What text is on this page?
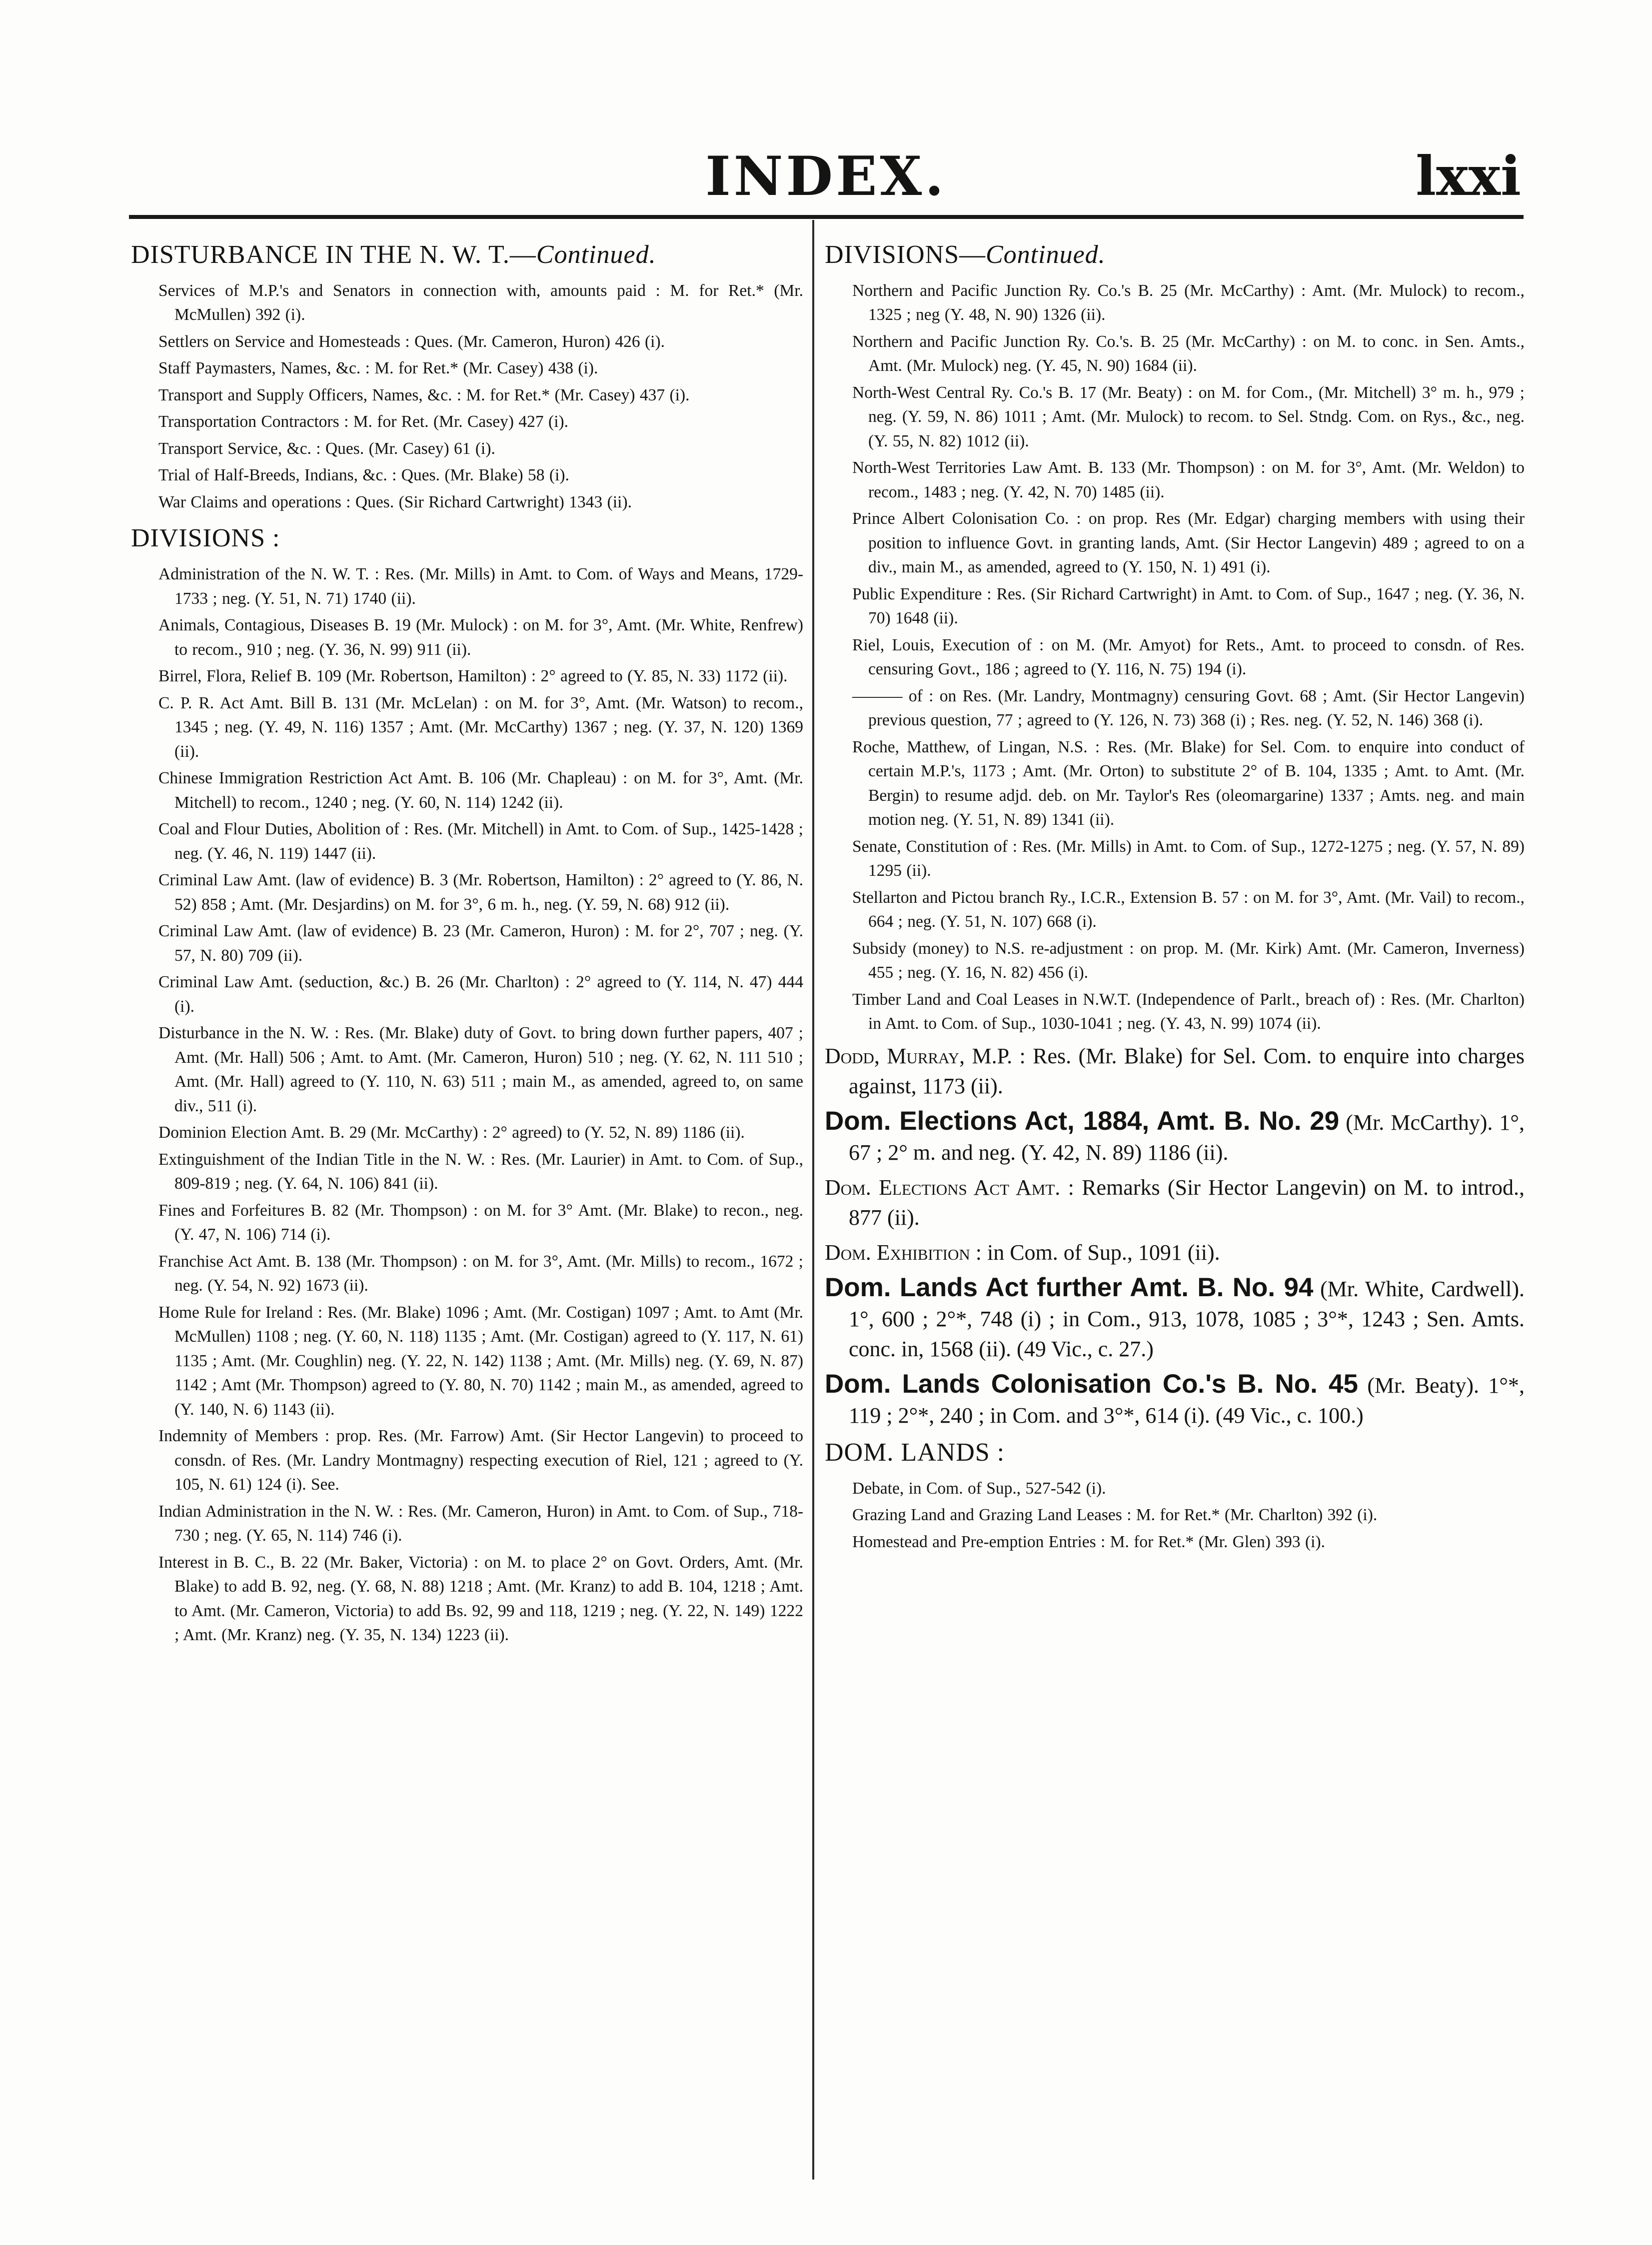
INDEX.	lxxi
DISTURBANCE IN THE N. W. T.—Continued.
Services of M.P.'s and Senators in connection with, amounts paid : M. for Ret.* (Mr. McMullen) 392 (i).
Settlers on Service and Homesteads : Ques. (Mr. Cameron, Huron) 426 (i).
Staff Paymasters, Names, &c. : M. for Ret.* (Mr. Casey) 438 (i).
Transport and Supply Officers, Names, &c. : M. for Ret.* (Mr. Casey) 437 (i).
Transportation Contractors : M. for Ret. (Mr. Casey) 427 (i).
Transport Service, &c. : Ques. (Mr. Casey) 61 (i).
Trial of Half-Breeds, Indians, &c. : Ques. (Mr. Blake) 58 (i).
War Claims and operations : Ques. (Sir Richard Cartwright) 1343 (ii).
DIVISIONS :
Administration of the N. W. T. : Res. (Mr. Mills) in Amt. to Com. of Ways and Means, 1729-1733 ; neg. (Y. 51, N. 71) 1740 (ii).
Animals, Contagious, Diseases B. 19 (Mr. Mulock) : on M. for 3°, Amt. (Mr. White, Renfrew) to recom., 910 ; neg. (Y. 36, N. 99) 911 (ii).
Birrel, Flora, Relief B. 109 (Mr. Robertson, Hamilton) : 2° agreed to (Y. 85, N. 33) 1172 (ii).
C. P. R. Act Amt. Bill B. 131 (Mr. McLelan) : on M. for 3°, Amt. (Mr. Watson) to recom., 1345 ; neg. (Y. 49, N. 116) 1357 ; Amt. (Mr. McCarthy) 1367 ; neg. (Y. 37, N. 120) 1369 (ii).
Chinese Immigration Restriction Act Amt. B. 106 (Mr. Chapleau) : on M. for 3°, Amt. (Mr. Mitchell) to recom., 1240 ; neg. (Y. 60, N. 114) 1242 (ii).
Coal and Flour Duties, Abolition of : Res. (Mr. Mitchell) in Amt. to Com. of Sup., 1425-1428 ; neg. (Y. 46, N. 119) 1447 (ii).
Criminal Law Amt. (law of evidence) B. 3 (Mr. Robertson, Hamilton) : 2° agreed to (Y. 86, N. 52) 858 ; Amt. (Mr. Desjardins) on M. for 3°, 6 m. h., neg. (Y. 59, N. 68) 912 (ii).
Criminal Law Amt. (law of evidence) B. 23 (Mr. Cameron, Huron) : M. for 2°, 707 ; neg. (Y. 57, N. 80) 709 (ii).
Criminal Law Amt. (seduction, &c.) B. 26 (Mr. Charlton) : 2° agreed to (Y. 114, N. 47) 444 (i).
Disturbance in the N. W. : Res. (Mr. Blake) duty of Govt. to bring down further papers, 407 ; Amt. (Mr. Hall) 506 ; Amt. to Amt. (Mr. Cameron, Huron) 510 ; neg. (Y. 62, N. 111 510 ; Amt. (Mr. Hall) agreed to (Y. 110, N. 63) 511 ; main M., as amended, agreed to, on same div., 511 (i).
Dominion Election Amt. B. 29 (Mr. McCarthy) : 2° agreed) to (Y. 52, N. 89) 1186 (ii).
Extinguishment of the Indian Title in the N. W. : Res. (Mr. Laurier) in Amt. to Com. of Sup., 809-819 ; neg. (Y. 64, N. 106) 841 (ii).
Fines and Forfeitures B. 82 (Mr. Thompson) : on M. for 3° Amt. (Mr. Blake) to recon., neg. (Y. 47, N. 106) 714 (i).
Franchise Act Amt. B. 138 (Mr. Thompson) : on M. for 3°, Amt. (Mr. Mills) to recom., 1672 ; neg. (Y. 54, N. 92) 1673 (ii).
Home Rule for Ireland : Res. (Mr. Blake) 1096 ; Amt. (Mr. Costigan) 1097 ; Amt. to Amt (Mr. McMullen) 1108 ; neg. (Y. 60, N. 118) 1135 ; Amt. (Mr. Costigan) agreed to (Y. 117, N. 61) 1135 ; Amt. (Mr. Coughlin) neg. (Y. 22, N. 142) 1138 ; Amt. (Mr. Mills) neg. (Y. 69, N. 87) 1142 ; Amt (Mr. Thompson) agreed to (Y. 80, N. 70) 1142 ; main M., as amended, agreed to (Y. 140, N. 6) 1143 (ii).
Indemnity of Members : prop. Res. (Mr. Farrow) Amt. (Sir Hector Langevin) to proceed to consdn. of Res. (Mr. Landry Montmagny) respecting execution of Riel, 121 ; agreed to (Y. 105, N. 61) 124 (i). See.
Indian Administration in the N. W. : Res. (Mr. Cameron, Huron) in Amt. to Com. of Sup., 718-730 ; neg. (Y. 65, N. 114) 746 (i).
Interest in B. C., B. 22 (Mr. Baker, Victoria) : on M. to place 2° on Govt. Orders, Amt. (Mr. Blake) to add B. 92, neg. (Y. 68, N. 88) 1218 ; Amt. (Mr. Kranz) to add B. 104, 1218 ; Amt. to Amt. (Mr. Cameron, Victoria) to add Bs. 92, 99 and 118, 1219 ; neg. (Y. 22, N. 149) 1222 ; Amt. (Mr. Kranz) neg. (Y. 35, N. 134) 1223 (ii).
DIVISIONS—Continued.
Northern and Pacific Junction Ry. Co.'s B. 25 (Mr. McCarthy) : Amt. (Mr. Mulock) to recom., 1325 ; neg (Y. 48, N. 90) 1326 (ii).
Northern and Pacific Junction Ry. Co.'s. B. 25 (Mr. McCarthy) : on M. to conc. in Sen. Amts., Amt. (Mr. Mulock) neg. (Y. 45, N. 90) 1684 (ii).
North-West Central Ry. Co.'s B. 17 (Mr. Beaty) : on M. for Com., (Mr. Mitchell) 3° m. h., 979 ; neg. (Y. 59, N. 86) 1011 ; Amt. (Mr. Mulock) to recom. to Sel. Stndg. Com. on Rys., &c., neg. (Y. 55, N. 82) 1012 (ii).
North-West Territories Law Amt. B. 133 (Mr. Thompson) : on M. for 3°, Amt. (Mr. Weldon) to recom., 1483 ; neg. (Y. 42, N. 70) 1485 (ii).
Prince Albert Colonisation Co. : on prop. Res (Mr. Edgar) charging members with using their position to influence Govt. in granting lands, Amt. (Sir Hector Langevin) 489 ; agreed to on a div., main M., as amended, agreed to (Y. 150, N. 1) 491 (i).
Public Expenditure : Res. (Sir Richard Cartwright) in Amt. to Com. of Sup., 1647 ; neg. (Y. 36, N. 70) 1648 (ii).
Riel, Louis, Execution of : on M. (Mr. Amyot) for Rets., Amt. to proceed to consdn. of Res. censuring Govt., 186 ; agreed to (Y. 116, N. 75) 194 (i).
——— of : on Res. (Mr. Landry, Montmagny) censuring Govt. 68 ; Amt. (Sir Hector Langevin) previous question, 77 ; agreed to (Y. 126, N. 73) 368 (i) ; Res. neg. (Y. 52, N. 146) 368 (i).
Roche, Matthew, of Lingan, N.S. : Res. (Mr. Blake) for Sel. Com. to enquire into conduct of certain M.P.'s, 1173 ; Amt. (Mr. Orton) to substitute 2° of B. 104, 1335 ; Amt. to Amt. (Mr. Bergin) to resume adjd. deb. on Mr. Taylor's Res (oleomargarine) 1337 ; Amts. neg. and main motion neg. (Y. 51, N. 89) 1341 (ii).
Senate, Constitution of : Res. (Mr. Mills) in Amt. to Com. of Sup., 1272-1275 ; neg. (Y. 57, N. 89) 1295 (ii).
Stellarton and Pictou branch Ry., I.C.R., Extension B. 57 : on M. for 3°, Amt. (Mr. Vail) to recom., 664 ; neg. (Y. 51, N. 107) 668 (i).
Subsidy (money) to N.S. re-adjustment : on prop. M. (Mr. Kirk) Amt. (Mr. Cameron, Inverness) 455 ; neg. (Y. 16, N. 82) 456 (i).
Timber Land and Coal Leases in N.W.T. (Independence of Parlt., breach of) : Res. (Mr. Charlton) in Amt. to Com. of Sup., 1030-1041 ; neg. (Y. 43, N. 99) 1074 (ii).
Dodd, Murray, M.P. : Res. (Mr. Blake) for Sel. Com. to enquire into charges against, 1173 (ii).
Dom. Elections Act, 1884, Amt. B. No. 29 (Mr. McCarthy). 1°, 67 ; 2° m. and neg. (Y. 42, N. 89) 1186 (ii).
Dom. Elections Act Amt. : Remarks (Sir Hector Langevin) on M. to introd., 877 (ii).
Dom. Exhibition : in Com. of Sup., 1091 (ii).
Dom. Lands Act further Amt. B. No. 94 (Mr. White, Cardwell). 1°, 600 ; 2°*, 748 (i) ; in Com., 913, 1078, 1085 ; 3°*, 1243 ; Sen. Amts. conc. in, 1568 (ii). (49 Vic., c. 27.)
Dom. Lands Colonisation Co.'s B. No. 45 (Mr. Beaty). 1°*, 119 ; 2°*, 240 ; in Com. and 3°*, 614 (i). (49 Vic., c. 100.)
DOM. LANDS :
Debate, in Com. of Sup., 527-542 (i).
Grazing Land and Grazing Land Leases : M. for Ret.* (Mr. Charlton) 392 (i).
Homestead and Pre-emption Entries : M. for Ret.* (Mr. Glen) 393 (i).
